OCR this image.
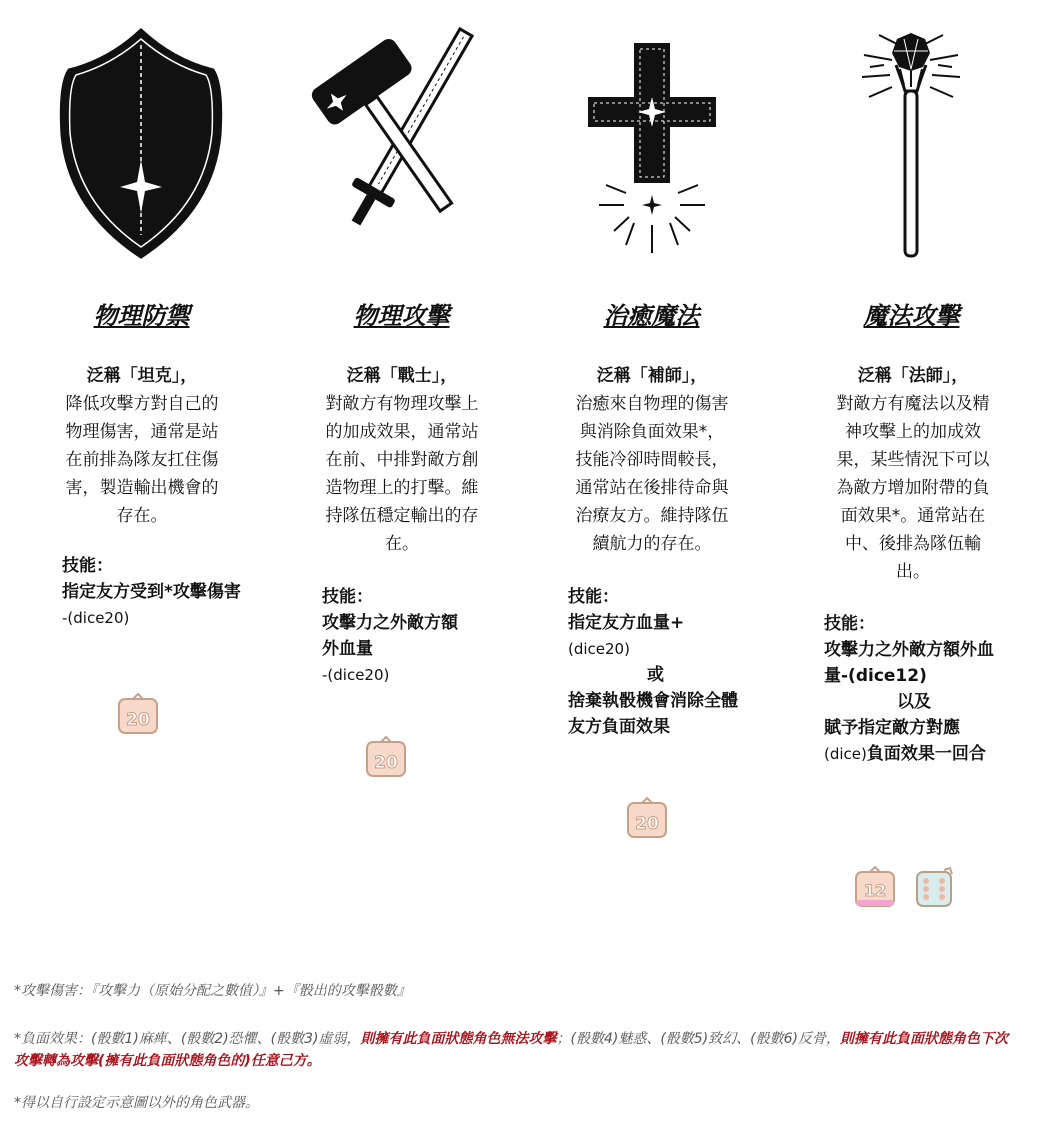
物理防禦
泛稱「坦克」，
降低攻擊方對自己的物理傷害，通常是站在前排為隊友扛住傷害，製造輸出機會的存在。
技能：
指定友方受到*攻擊傷害
-(dice20)
20
物理攻擊
泛稱「戰士」，
對敵方有物理攻擊上的加成效果，通常站在前、中排對敵方創造物理上的打擊。維持隊伍穩定輸出的存在。
技能：
攻擊力之外敵方額外血量
-(dice20)
20
治癒魔法
泛稱「補師」，
治癒來自物理的傷害與消除負面效果*，技能冷卻時間較長，通常站在後排待命與治療友方。維持隊伍續航力的存在。
技能：
指定友方血量+
(dice20)
或
捨棄執骰機會消除全體友方負面效果
20
魔法攻擊
泛稱「法師」，
對敵方有魔法以及精神攻擊上的加成效果，某些情況下可以為敵方增加附帶的負面效果*。通常站在中、後排為隊伍輸出。
技能：
攻擊力之外敵方額外血量-(dice12)
以及
賦予指定敵方對應
(dice)負面效果一回合
12
*攻擊傷害：『攻擊力（原始分配之數值）』+『骰出的攻擊骰數』
*負面效果：(骰數1)麻痺、(骰數2)恐懼、(骰數3)虛弱，則擁有此負面狀態角色無法攻擊；(骰數4)魅惑、(骰數5)致幻、(骰數6)反骨，則擁有此負面狀態角色下次攻擊轉為攻擊(擁有此負面狀態角色的)任意己方。
*得以自行設定示意圖以外的角色武器。
